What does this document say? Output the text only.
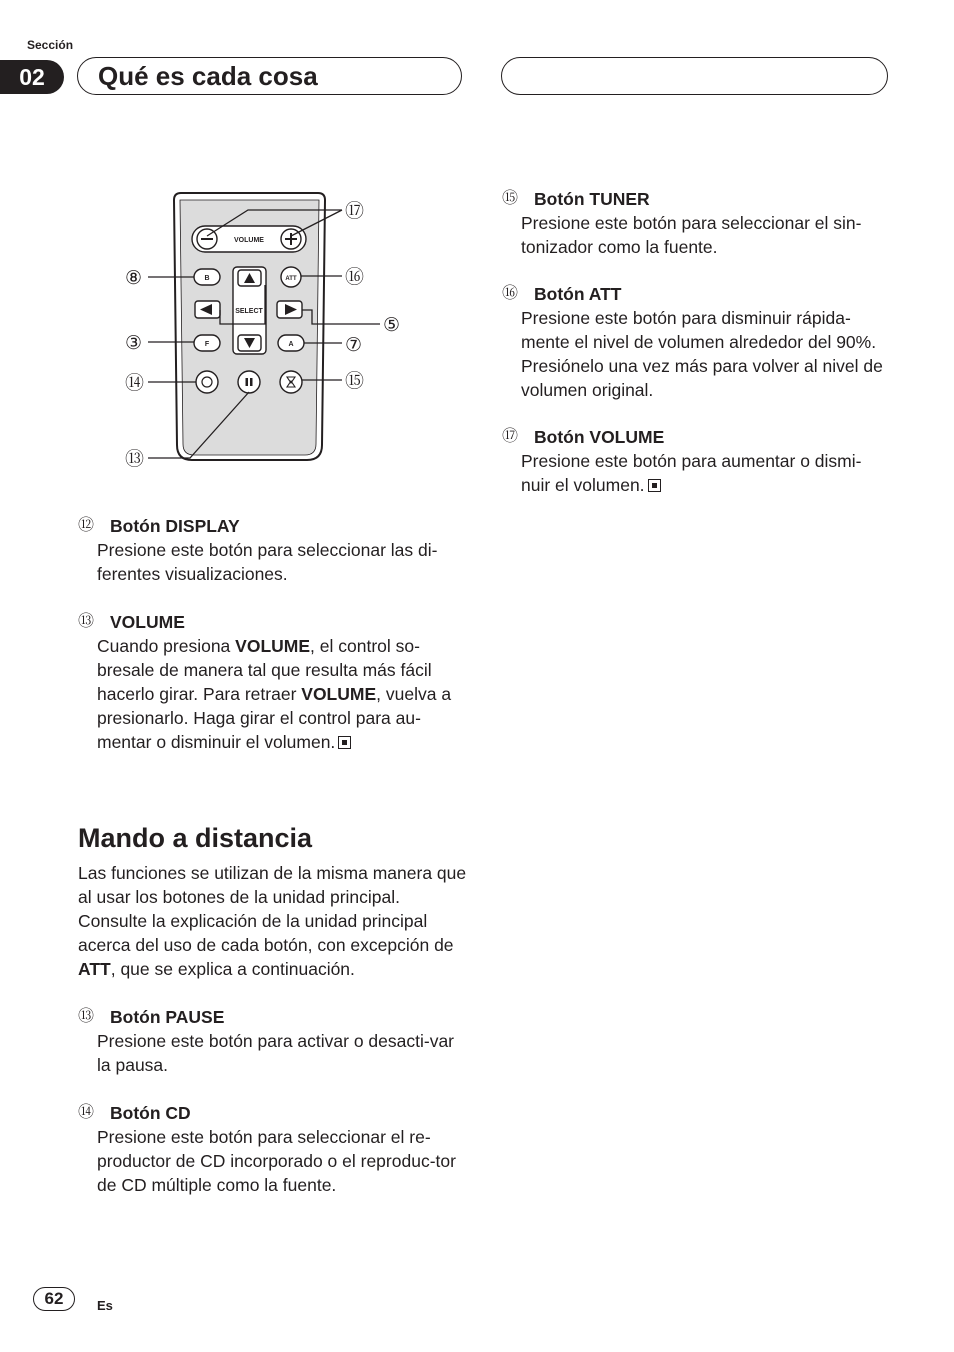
Sección
02	Qué es cada cosa
VOLUME
B	ATT
SELECT
F	A
⑰
⑧	⑯
⑤
③	⑦
⑭	⑮
⑬
⑫ Botón DISPLAY

Presione este botón para seleccionar las di-ferentes visualizaciones.

⑬ VOLUME

Cuando presiona VOLUME, el control so-bresale de manera tal que resulta más fácil hacerlo girar. Para retraer VOLUME, vuelva a presionarlo. Haga girar el control para au-mentar o disminuir el volumen.

Mando a distancia

Las funciones se utilizan de la misma manera que al usar los botones de la unidad principal. Consulte la explicación de la unidad principal acerca del uso de cada botón, con excepción de ATT, que se explica a continuación.

⑬ Botón PAUSE

Presione este botón para activar o desacti-var la pausa.

⑭ Botón CD

Presione este botón para seleccionar el re-productor de CD incorporado o el reproduc-tor de CD múltiple como la fuente.

⑮ Botón TUNER

Presione este botón para seleccionar el sin-tonizador como la fuente.

⑯ Botón ATT

Presione este botón para disminuir rápida-mente el nivel de volumen alrededor del 90%. Presiónelo una vez más para volver al nivel de volumen original.

⑰ Botón VOLUME

Presione este botón para aumentar o dismi-nuir el volumen.

62	Es
